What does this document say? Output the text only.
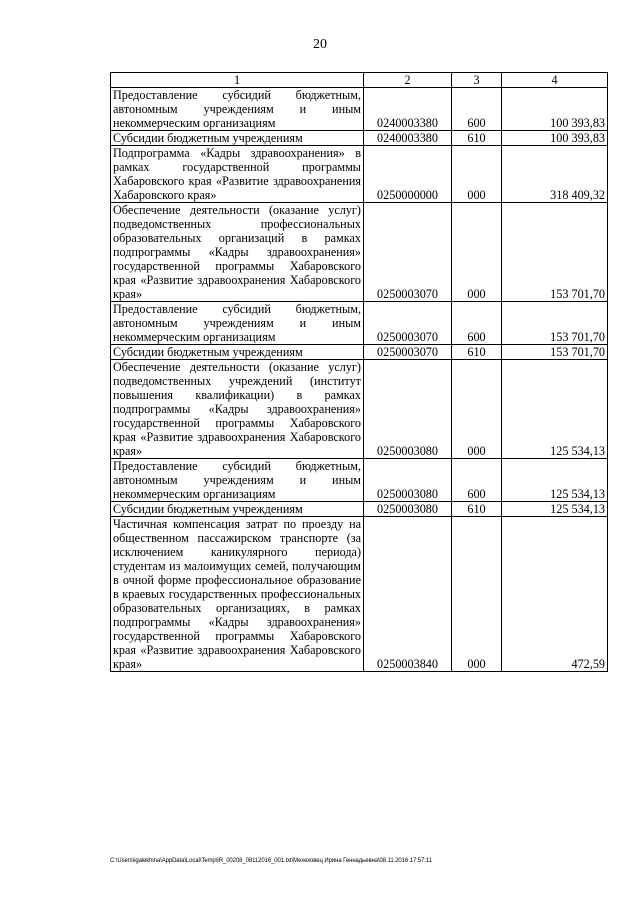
20
1	2	3	4
Предоставление субсидий бюджетным, автономным учреждениям и иным некоммерческим организациям	0240003380	600	100 393,83
Субсидии бюджетным учреждениям	0240003380	610	100 393,83
Подпрограмма «Кадры здравоохранения» в рамках государственной программы Хабаровского края «Развитие здравоохранения Хабаровского края»	0250000000	000	318 409,32
Обеспечение деятельности (оказание услуг) подведомственных профессиональных образовательных организаций в рамках подпрограммы «Кадры здравоохранения» государственной программы Хабаровского края «Развитие здравоохранения Хабаровского края»	0250003070	000	153 701,70
Предоставление субсидий бюджетным, автономным учреждениям и иным некоммерческим организациям	0250003070	600	153 701,70
Субсидии бюджетным учреждениям	0250003070	610	153 701,70
Обеспечение деятельности (оказание услуг) подведомственных учреждений (институт повышения квалификации) в рамках подпрограммы «Кадры здравоохранения» государственной программы Хабаровского края «Развитие здравоохранения Хабаровского края»	0250003080	000	125 534,13
Предоставление субсидий бюджетным, автономным учреждениям и иным некоммерческим организациям	0250003080	600	125 534,13
Субсидии бюджетным учреждениям	0250003080	610	125 534,13
Частичная компенсация затрат по проезду на общественном пассажирском транспорте (за исключением каникулярного периода) студентам из малоимущих семей, получающим в очной форме профессиональное образование в краевых государственных профессиональных образовательных организациях, в рамках подпрограммы «Кадры здравоохранения» государственной программы Хабаровского края «Развитие здравоохранения Хабаровского края»	0250003840	000	472,59
C:\Users\igalekhina\AppData\Local\Temp\IR_00208_08112016_001.txt\Мехеховец Ирина Геннадьевна\08.11.2016 17:57:11
